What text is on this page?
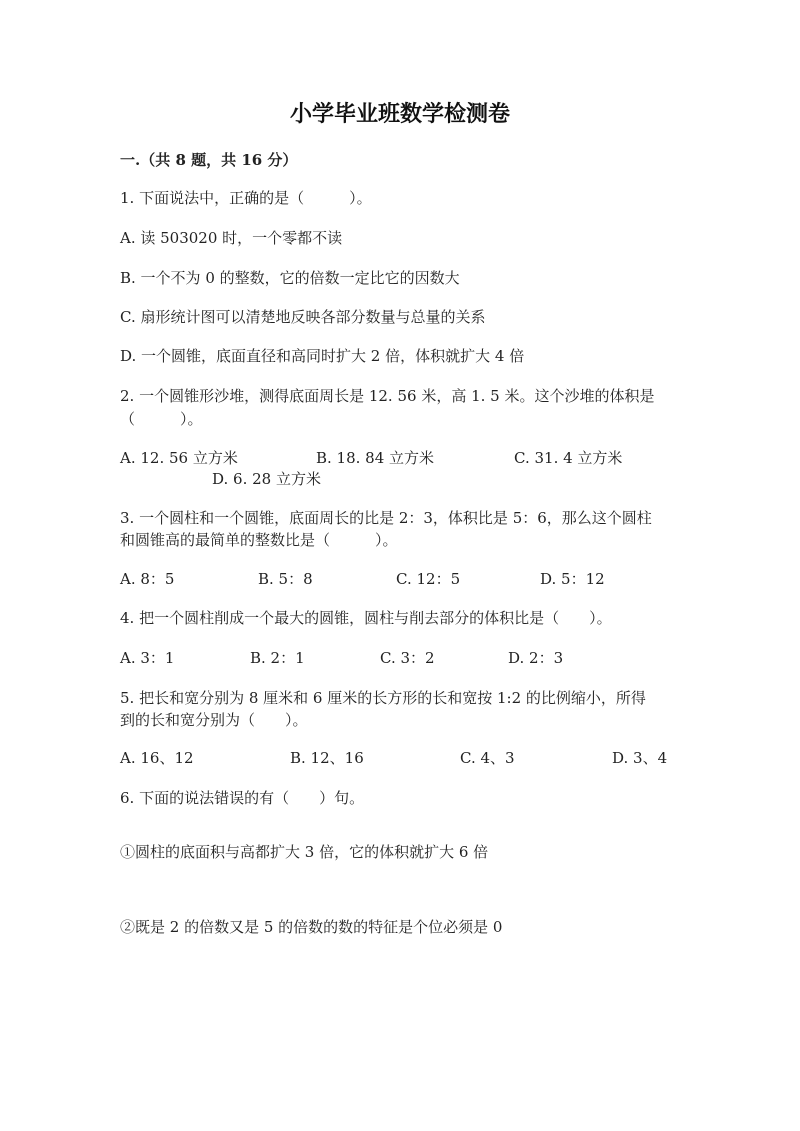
小学毕业班数学检测卷
一.（共 8 题，共 16 分）
1. 下面说法中，正确的是（　　　）。
A. 读 503020 时，一个零都不读
B. 一个不为 0 的整数，它的倍数一定比它的因数大
C. 扇形统计图可以清楚地反映各部分数量与总量的关系
D. 一个圆锥，底面直径和高同时扩大 2 倍，体积就扩大 4 倍
2. 一个圆锥形沙堆，测得底面周长是 12. 56 米，高 1. 5 米。这个沙堆的体积是
（　　　）。
A. 12. 56 立方米	B. 18. 84 立方米	C. 31. 4 立方米
D. 6. 28 立方米
3. 一个圆柱和一个圆锥，底面周长的比是 2：3，体积比是 5：6，那么这个圆柱
和圆锥高的最简单的整数比是（　　　）。
A. 8：5	B. 5：8	C. 12：5	D. 5：12
4. 把一个圆柱削成一个最大的圆锥，圆柱与削去部分的体积比是（　　）。
A. 3：1	B. 2：1	C. 3：2	D. 2：3
5. 把长和宽分别为 8 厘米和 6 厘米的长方形的长和宽按 1:2 的比例缩小，所得
到的长和宽分别为（　　）。
A. 16、12	B. 12、16	C. 4、3	D. 3、4
6. 下面的说法错误的有（　　）句。
①圆柱的底面积与高都扩大 3 倍，它的体积就扩大 6 倍
②既是 2 的倍数又是 5 的倍数的数的特征是个位必须是 0
